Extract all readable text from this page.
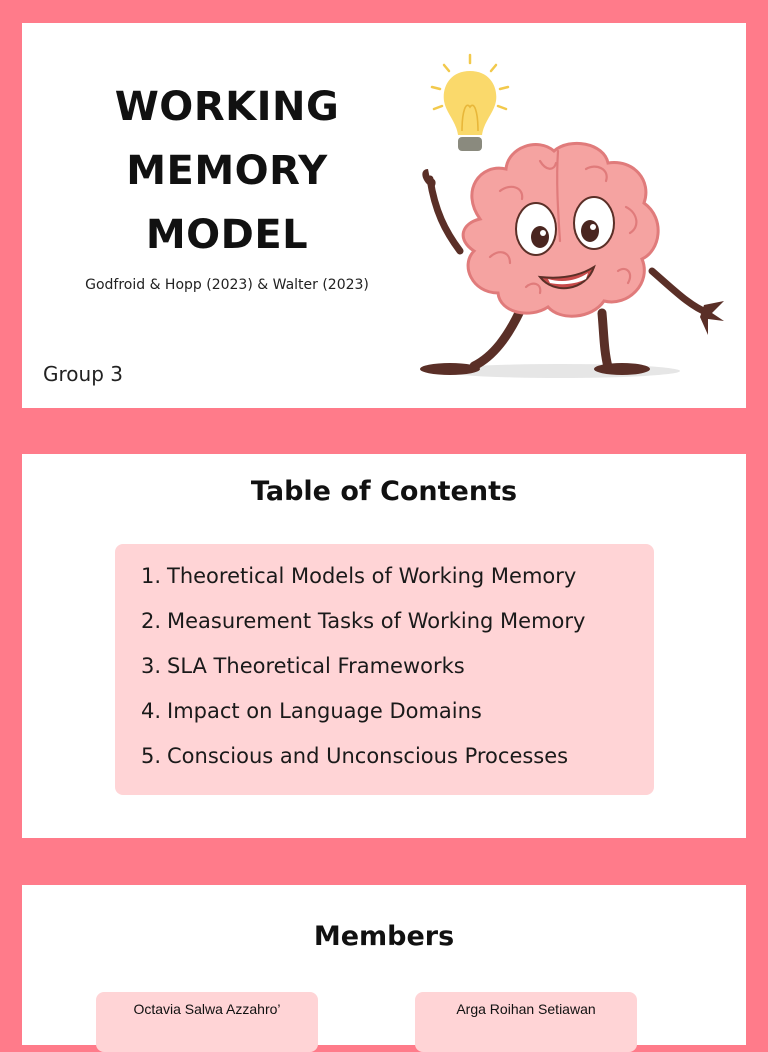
WORKING
MEMORY
MODEL
Godfroid & Hopp (2023) & Walter (2023)
Group 3
Table of Contents
1. Theoretical Models of Working Memory
2. Measurement Tasks of Working Memory
3. SLA Theoretical Frameworks
4. Impact on Language Domains
5. Conscious and Unconscious Processes
Members
Octavia Salwa Azzahro’	Arga Roihan Setiawan
